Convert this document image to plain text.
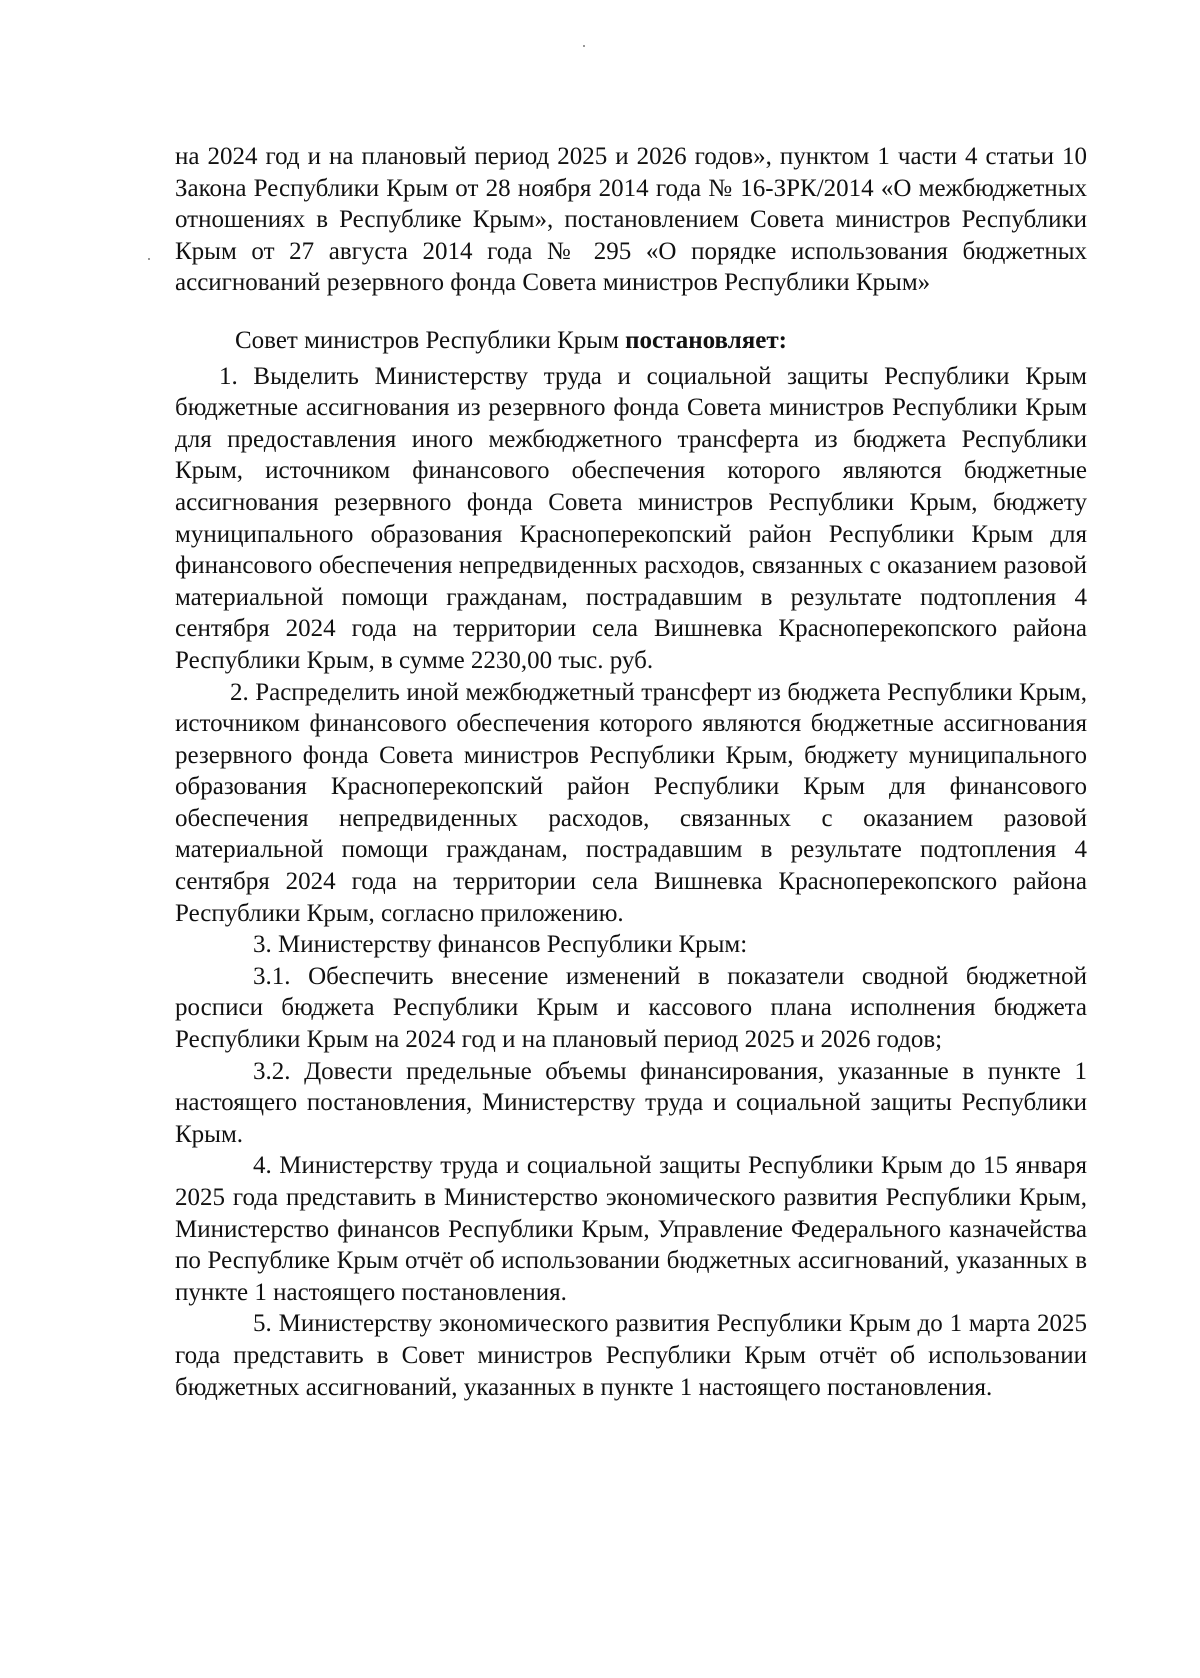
на 2024 год и на плановый период 2025 и 2026 годов», пунктом 1 части 4 статьи 10 Закона Республики Крым от 28 ноября 2014 года № 16-ЗРК/2014 «О межбюджетных отношениях в Республике Крым», постановлением Совета министров Республики Крым от 27 августа 2014 года № 295 «О порядке использования бюджетных ассигнований резервного фонда Совета министров Республики Крым»

Совет министров Республики Крым постановляет:

1. Выделить Министерству труда и социальной защиты Республики Крым бюджетные ассигнования из резервного фонда Совета министров Республики Крым для предоставления иного межбюджетного трансферта из бюджета Республики Крым, источником финансового обеспечения которого являются бюджетные ассигнования резервного фонда Совета министров Республики Крым, бюджету муниципального образования Красноперекопский район Республики Крым для финансового обеспечения непредвиденных расходов, связанных с оказанием разовой материальной помощи гражданам, пострадавшим в результате подтопления 4 сентября 2024 года на территории села Вишневка Красноперекопского района Республики Крым, в сумме 2230,00 тыс. руб.

2. Распределить иной межбюджетный трансферт из бюджета Республики Крым, источником финансового обеспечения которого являются бюджетные ассигнования резервного фонда Совета министров Республики Крым, бюджету муниципального образования Красноперекопский район Республики Крым для финансового обеспечения непредвиденных расходов, связанных с оказанием разовой материальной помощи гражданам, пострадавшим в результате подтопления 4 сентября 2024 года на территории села Вишневка Красноперекопского района Республики Крым, согласно приложению.

3. Министерству финансов Республики Крым:

3.1. Обеспечить внесение изменений в показатели сводной бюджетной росписи бюджета Республики Крым и кассового плана исполнения бюджета Республики Крым на 2024 год и на плановый период 2025 и 2026 годов;

3.2. Довести предельные объемы финансирования, указанные в пункте 1 настоящего постановления, Министерству труда и социальной защиты Республики Крым.

4. Министерству труда и социальной защиты Республики Крым до 15 января 2025 года представить в Министерство экономического развития Республики Крым, Министерство финансов Республики Крым, Управление Федерального казначейства по Республике Крым отчёт об использовании бюджетных ассигнований, указанных в пункте 1 настоящего постановления.

5. Министерству экономического развития Республики Крым до 1 марта 2025 года представить в Совет министров Республики Крым отчёт об использовании бюджетных ассигнований, указанных в пункте 1 настоящего постановления.
